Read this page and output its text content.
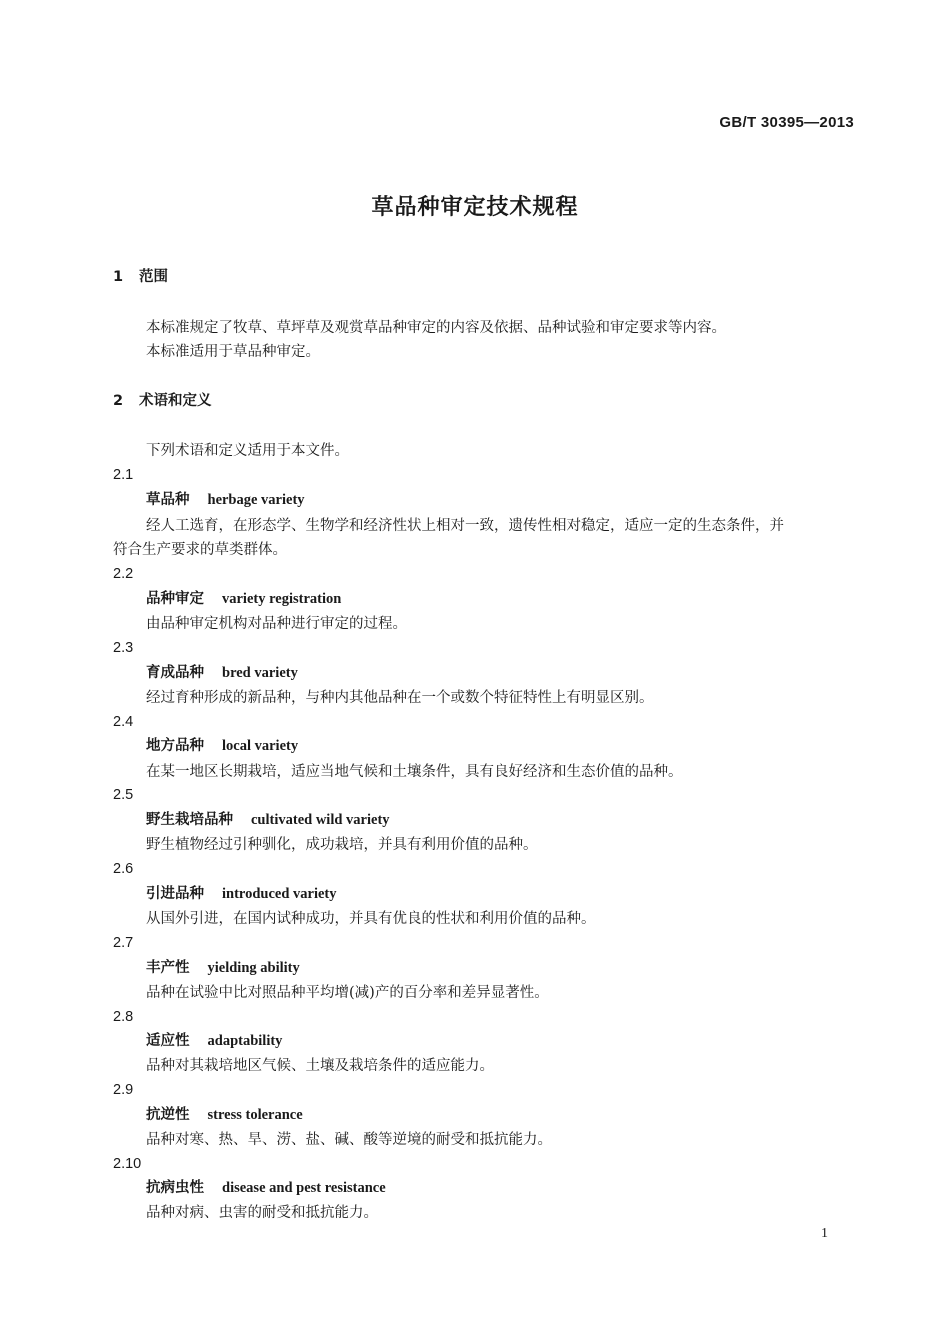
GB/T 30395—2013
草品种审定技术规程
1 范围
本标准规定了牧草、草坪草及观赏草品种审定的内容及依据、品种试验和审定要求等内容。
本标准适用于草品种审定。
2 术语和定义
下列术语和定义适用于本文件。
2.1
草品种 herbage variety
经人工选育，在形态学、生物学和经济性状上相对一致，遗传性相对稳定，适应一定的生态条件，并
符合生产要求的草类群体。
2.2
品种审定 variety registration
由品种审定机构对品种进行审定的过程。
2.3
育成品种 bred variety
经过育种形成的新品种，与种内其他品种在一个或数个特征特性上有明显区别。
2.4
地方品种 local variety
在某一地区长期栽培，适应当地气候和土壤条件，具有良好经济和生态价值的品种。
2.5
野生栽培品种 cultivated wild variety
野生植物经过引种驯化，成功栽培，并具有利用价值的品种。
2.6
引进品种 introduced variety
从国外引进，在国内试种成功，并具有优良的性状和利用价值的品种。
2.7
丰产性 yielding ability
品种在试验中比对照品种平均增(减)产的百分率和差异显著性。
2.8
适应性 adaptability
品种对其栽培地区气候、土壤及栽培条件的适应能力。
2.9
抗逆性 stress tolerance
品种对寒、热、旱、涝、盐、碱、酸等逆境的耐受和抵抗能力。
2.10
抗病虫性 disease and pest resistance
品种对病、虫害的耐受和抵抗能力。
1
